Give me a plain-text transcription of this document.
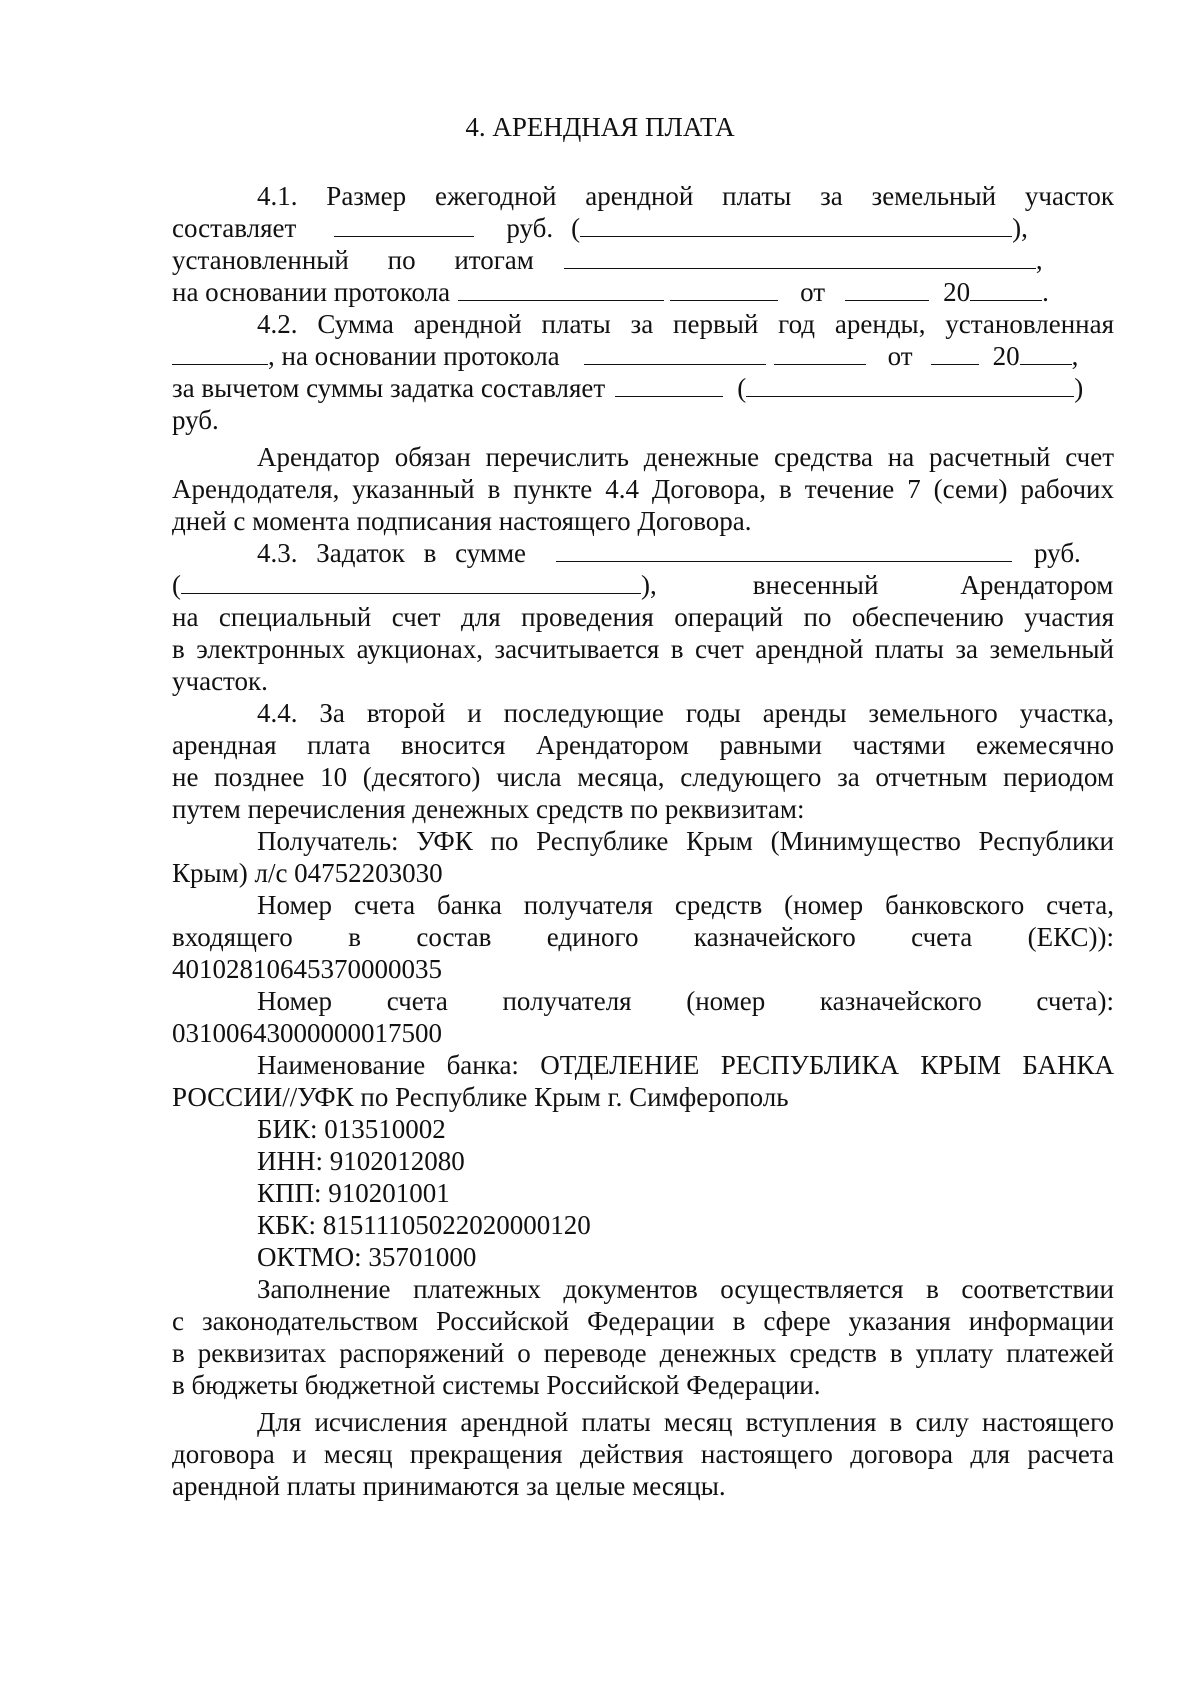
4. АРЕНДНАЯ ПЛАТА
4.1. Размер ежегодной арендной платы за земельный участок
составляет	руб. (	),
установленный по итогам	,
на основании протокола	от	20	.
4.2. Сумма арендной платы за первый год аренды, установленная
, на основании протокола	от	20 ,
за вычетом суммы задатка составляет	(	)
руб.
Арендатор обязан перечислить денежные средства на расчетный счет
Арендодателя, указанный в пункте 4.4 Договора, в течение 7 (семи) рабочих
дней с момента подписания настоящего Договора.
4.3. Задаток в сумме	руб.
(	),	внесенный	Арендатором
на специальный счет для проведения операций по обеспечению участия
в электронных аукционах, засчитывается в счет арендной платы за земельный
участок.
4.4. За второй и последующие годы аренды земельного участка,
арендная плата вносится Арендатором равными частями ежемесячно
не позднее 10 (десятого) числа месяца, следующего за отчетным периодом
путем перечисления денежных средств по реквизитам:
Получатель: УФК по Республике Крым (Минимущество Республики
Крым) л/с 04752203030
Номер счета банка получателя средств (номер банковского счета,
входящего в состав единого казначейского счета (ЕКС)):
40102810645370000035
Номер счета получателя (номер казначейского счета):
03100643000000017500
Наименование банка: ОТДЕЛЕНИЕ РЕСПУБЛИКА КРЫМ БАНКА
РОССИИ//УФК по Республике Крым г. Симферополь
БИК: 013510002
ИНН: 9102012080
КПП: 910201001
КБК: 81511105022020000120
ОКТМО: 35701000
Заполнение платежных документов осуществляется в соответствии
с законодательством Российской Федерации в сфере указания информации
в реквизитах распоряжений о переводе денежных средств в уплату платежей
в бюджеты бюджетной системы Российской Федерации.
Для исчисления арендной платы месяц вступления в силу настоящего
договора и месяц прекращения действия настоящего договора для расчета
арендной платы принимаются за целые месяцы.
